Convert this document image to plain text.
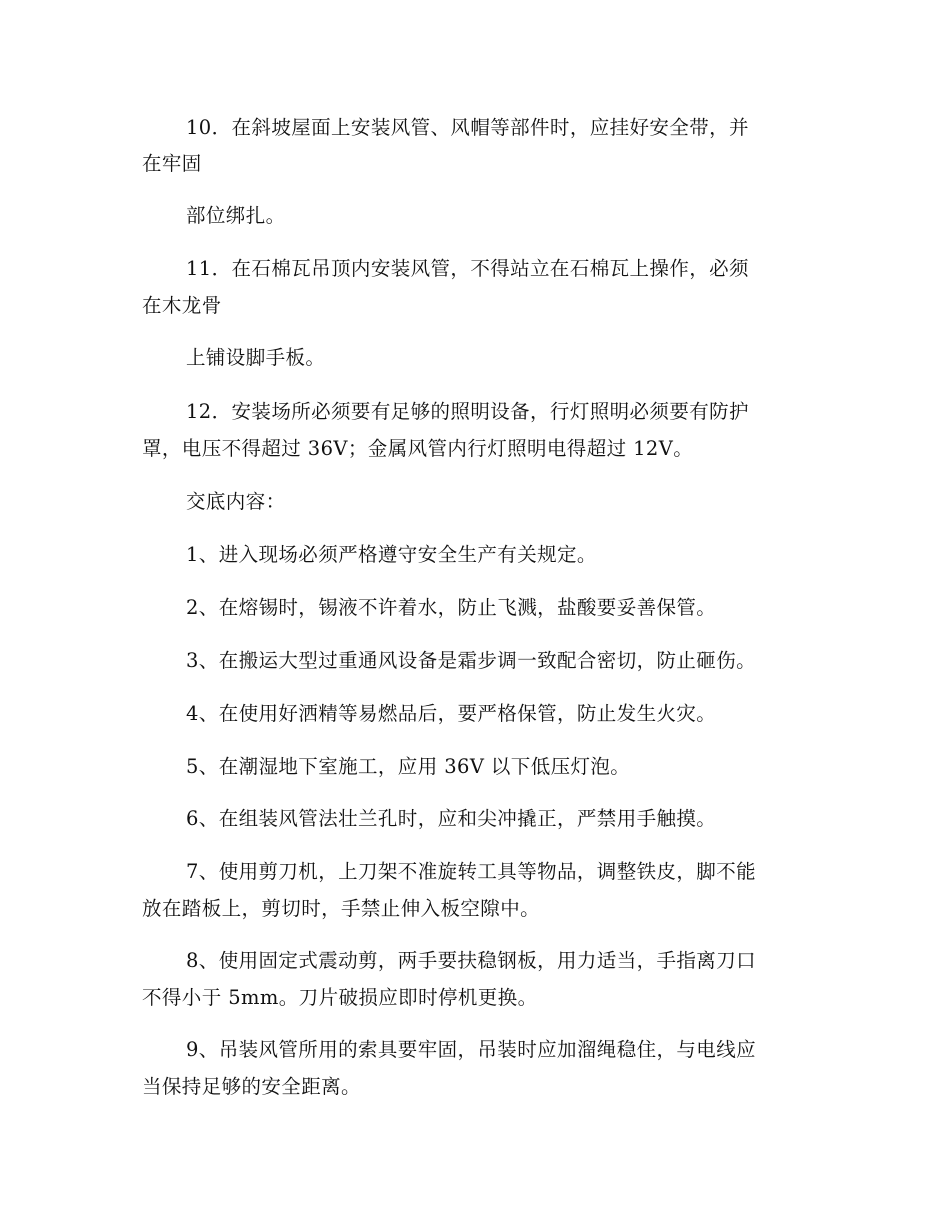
10．在斜坡屋面上安装风管、风帽等部件时，应挂好安全带，并
在牢固
部位绑扎。
11．在石棉瓦吊顶内安装风管，不得站立在石棉瓦上操作，必须
在木龙骨
上铺设脚手板。
12．安装场所必须要有足够的照明设备，行灯照明必须要有防护
罩，电压不得超过 36V；金属风管内行灯照明电得超过 12V。
交底内容：
1、进入现场必须严格遵守安全生产有关规定。
2、在熔锡时，锡液不许着水，防止飞溅，盐酸要妥善保管。
3、在搬运大型过重通风设备是霜步调一致配合密切，防止砸伤。
4、在使用好洒精等易燃品后，要严格保管，防止发生火灾。
5、在潮湿地下室施工，应用 36V 以下低压灯泡。
6、在组装风管法壮兰孔时，应和尖冲撬正，严禁用手触摸。
7、使用剪刀机，上刀架不准旋转工具等物品，调整铁皮，脚不能
放在踏板上，剪切时，手禁止伸入板空隙中。
8、使用固定式震动剪，两手要扶稳钢板，用力适当，手指离刀口
不得小于 5mm。刀片破损应即时停机更换。
9、吊装风管所用的索具要牢固，吊装时应加溜绳稳住，与电线应
当保持足够的安全距离。
